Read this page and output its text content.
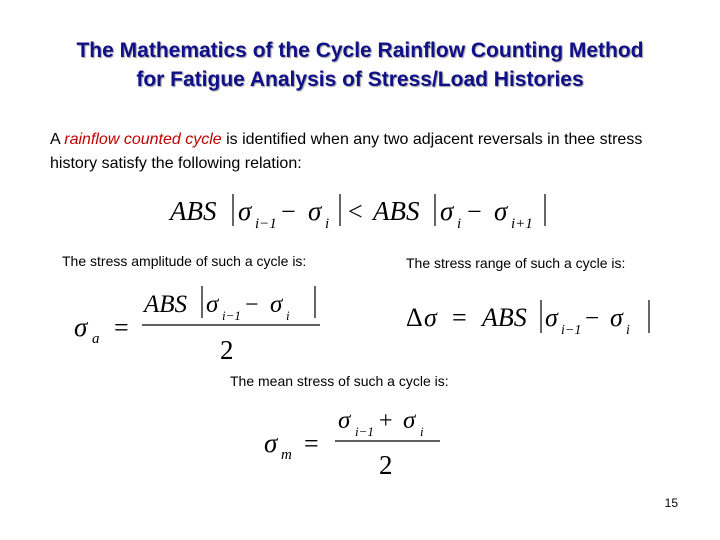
The Mathematics of the Cycle Rainflow Counting Method
for Fatigue Analysis of Stress/Load Histories
A rainflow counted cycle is identified when any two adjacent reversals in thee stress history satisfy the following relation:
ABS σ i−1 − σ i < ABS σ i − σ i+1
The stress amplitude of such a cycle is:	The stress range of such a cycle is:
σ a =
ABS σ i−1 − σ i
2
Δ σ = ABS σ i−1 − σ i
The mean stress of such a cycle is:
σ m =
σ i−1 + σ i
2
15
